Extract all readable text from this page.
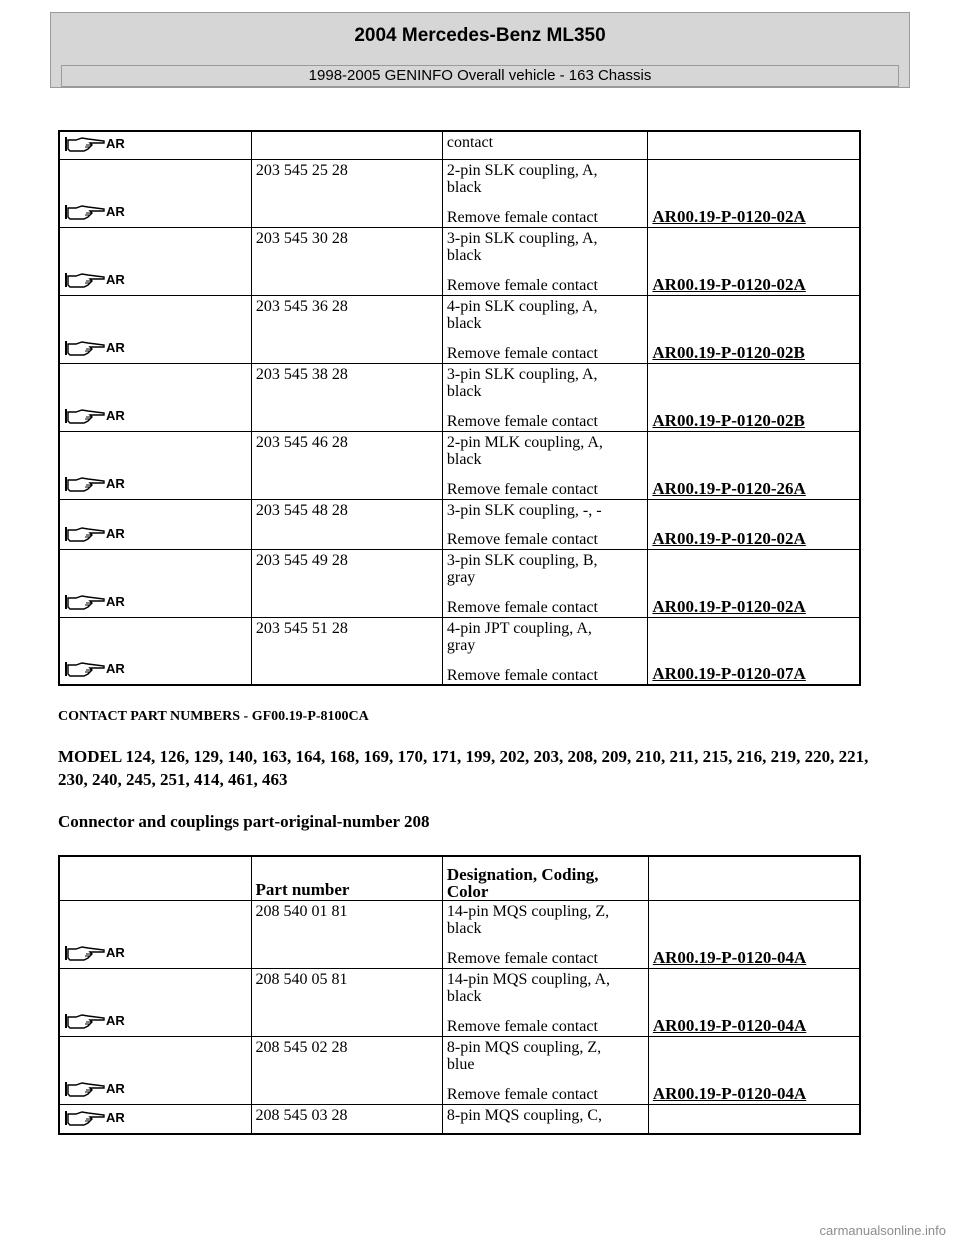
2004 Mercedes-Benz ML350
1998-2005 GENINFO Overall vehicle - 163 Chassis
AR		contact	

AR	203 545 25 28	2-pin SLK coupling, A,
black
Remove female contact	AR00.19-P-0120-02A

AR	203 545 30 28	3-pin SLK coupling, A,
black
Remove female contact	AR00.19-P-0120-02A

AR	203 545 36 28	4-pin SLK coupling, A,
black
Remove female contact	AR00.19-P-0120-02B

AR	203 545 38 28	3-pin SLK coupling, A,
black
Remove female contact	AR00.19-P-0120-02B

AR	203 545 46 28	2-pin MLK coupling, A,
black
Remove female contact	AR00.19-P-0120-26A

AR	203 545 48 28	3-pin SLK coupling, -, -
Remove female contact	AR00.19-P-0120-02A

AR	203 545 49 28	3-pin SLK coupling, B,
gray
Remove female contact	AR00.19-P-0120-02A

AR	203 545 51 28	4-pin JPT coupling, A,
gray
Remove female contact	AR00.19-P-0120-07A
CONTACT PART NUMBERS - GF00.19-P-8100CA
MODEL 124, 126, 129, 140, 163, 164, 168, 169, 170, 171, 199, 202, 203, 208, 209, 210, 211, 215, 216, 219, 220, 221, 230, 240, 245, 251, 414, 461, 463
Connector and couplings part-original-number 208
	Part number	Designation, Coding,
Color	

AR	208 540 01 81	14-pin MQS coupling, Z,
black
Remove female contact	AR00.19-P-0120-04A

AR	208 540 05 81	14-pin MQS coupling, A,
black
Remove female contact	AR00.19-P-0120-04A

AR	208 545 02 28	8-pin MQS coupling, Z,
blue
Remove female contact	AR00.19-P-0120-04A

AR	208 545 03 28	8-pin MQS coupling, C,	

carmanualsonline.info
